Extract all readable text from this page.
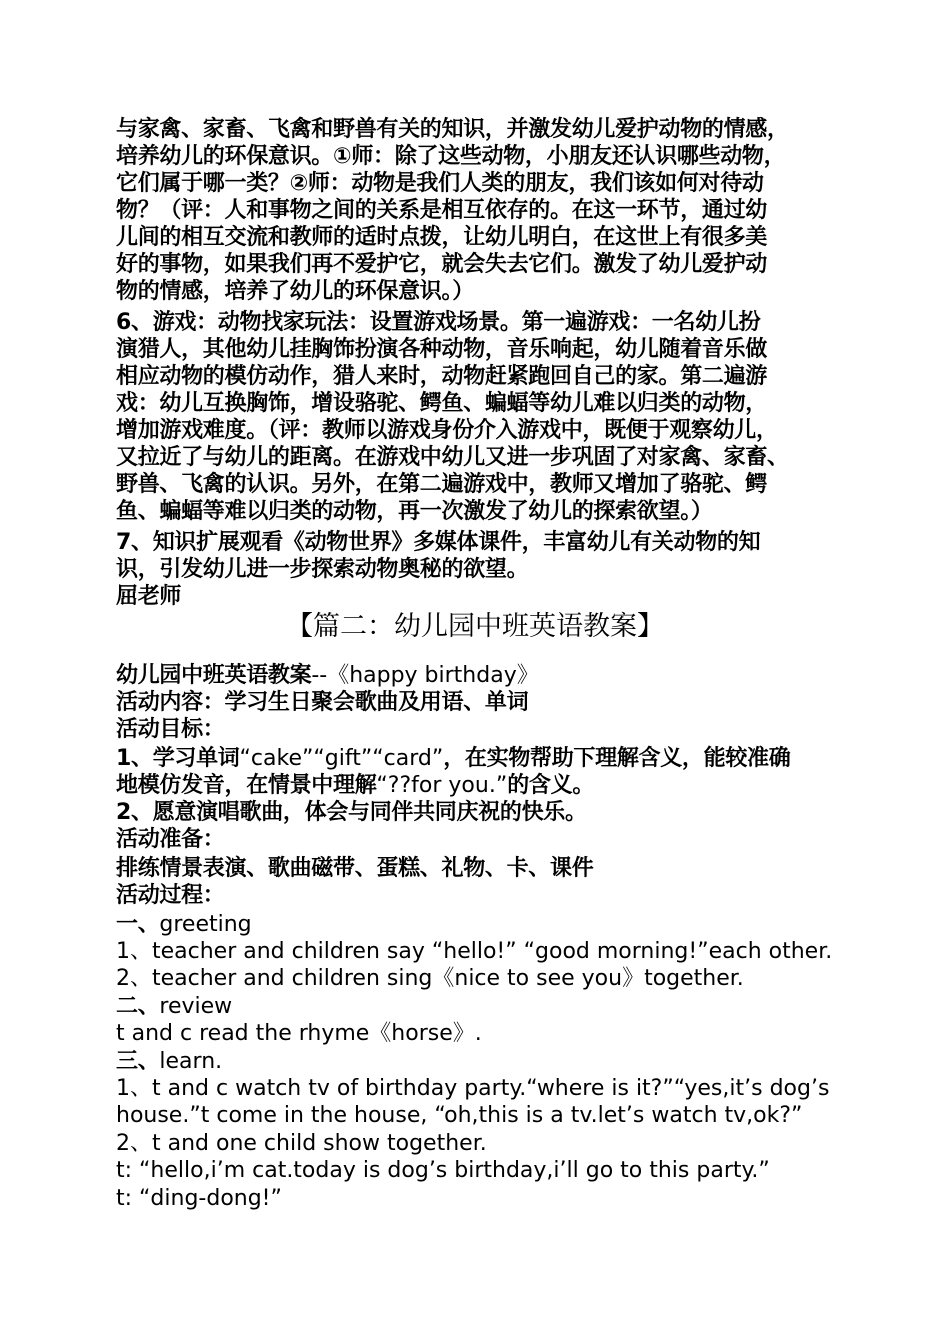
与家禽、家畜、飞禽和野兽有关的知识，并激发幼儿爱护动物的情感，
培养幼儿的环保意识。①师：除了这些动物，小朋友还认识哪些动物，
它们属于哪一类？②师：动物是我们人类的朋友，我们该如何对待动
物？（评：人和事物之间的关系是相互依存的。在这一环节，通过幼
儿间的相互交流和教师的适时点拨，让幼儿明白，在这世上有很多美
好的事物，如果我们再不爱护它，就会失去它们。激发了幼儿爱护动
物的情感，培养了幼儿的环保意识。）
6、游戏：动物找家玩法：设置游戏场景。第一遍游戏：一名幼儿扮
演猎人，其他幼儿挂胸饰扮演各种动物，音乐响起，幼儿随着音乐做
相应动物的模仿动作，猎人来时，动物赶紧跑回自己的家。第二遍游
戏：幼儿互换胸饰，增设骆驼、鳄鱼、蝙蝠等幼儿难以归类的动物，
增加游戏难度。（评：教师以游戏身份介入游戏中，既便于观察幼儿，
又拉近了与幼儿的距离。在游戏中幼儿又进一步巩固了对家禽、家畜、
野兽、飞禽的认识。另外，在第二遍游戏中，教师又增加了骆驼、鳄
鱼、蝙蝠等难以归类的动物，再一次激发了幼儿的探索欲望。）
7、知识扩展观看《动物世界》多媒体课件，丰富幼儿有关动物的知
识，引发幼儿进一步探索动物奥秘的欲望。
屈老师
【篇二：幼儿园中班英语教案】
幼儿园中班英语教案--《happy birthday》
活动内容：学习生日聚会歌曲及用语、单词
活动目标：
1、学习单词“cake”“gift”“card”，在实物帮助下理解含义，能较准确
地模仿发音，在情景中理解“??for you.”的含义。
2、愿意演唱歌曲，体会与同伴共同庆祝的快乐。
活动准备：
排练情景表演、歌曲磁带、蛋糕、礼物、卡、课件
活动过程：
一、greeting
1、teacher and children say “hello!” “good morning!”each other.
2、teacher and children sing《nice to see you》together.
二、review
t and c read the rhyme《horse》.
三、learn.
1、t and c watch tv of birthday party.“where is it?”“yes,it’s dog’s
house.”t come in the house, “oh,this is a tv.let’s watch tv,ok?”
2、t and one child show together.
t: “hello,i’m cat.today is dog’s birthday,i’ll go to this party.”
t: “ding-dong!”
